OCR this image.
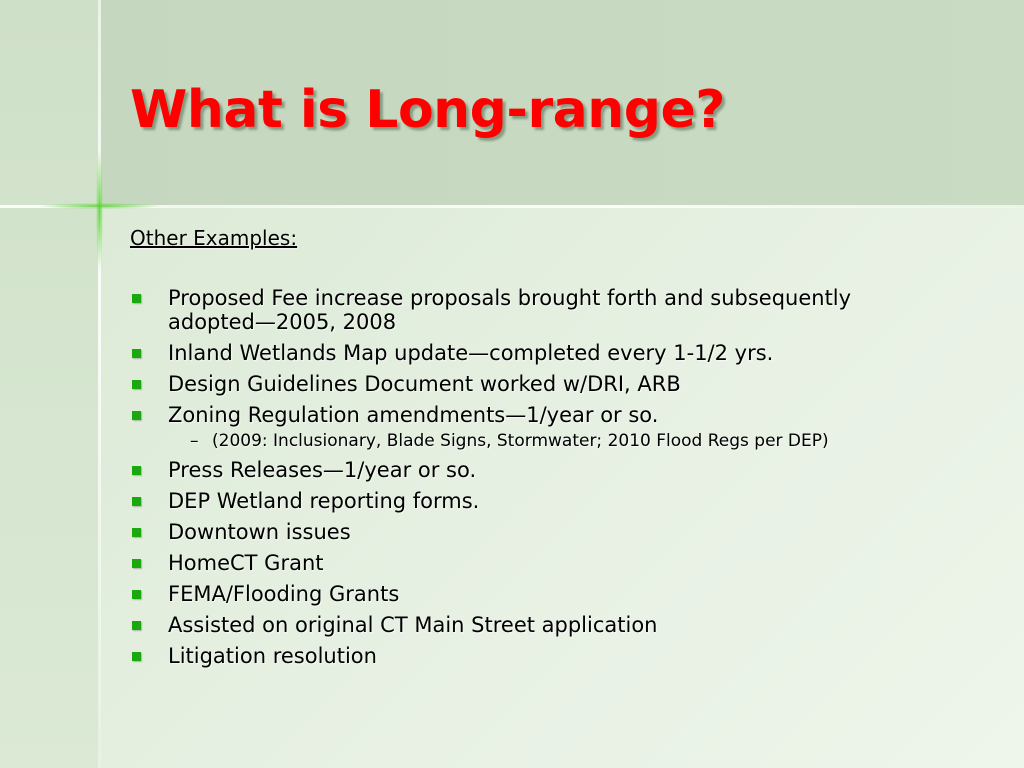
What is Long-range?
Other Examples:
Proposed Fee increase proposals brought forth and subsequently adopted—2005, 2008
Inland Wetlands Map update—completed every 1-1/2 yrs.
Design Guidelines Document worked w/DRI, ARB
Zoning Regulation amendments—1/year or so.
– (2009: Inclusionary, Blade Signs, Stormwater; 2010 Flood Regs per DEP)
Press Releases—1/year or so.
DEP Wetland reporting forms.
Downtown issues
HomeCT Grant
FEMA/Flooding Grants
Assisted on original CT Main Street application
Litigation resolution
